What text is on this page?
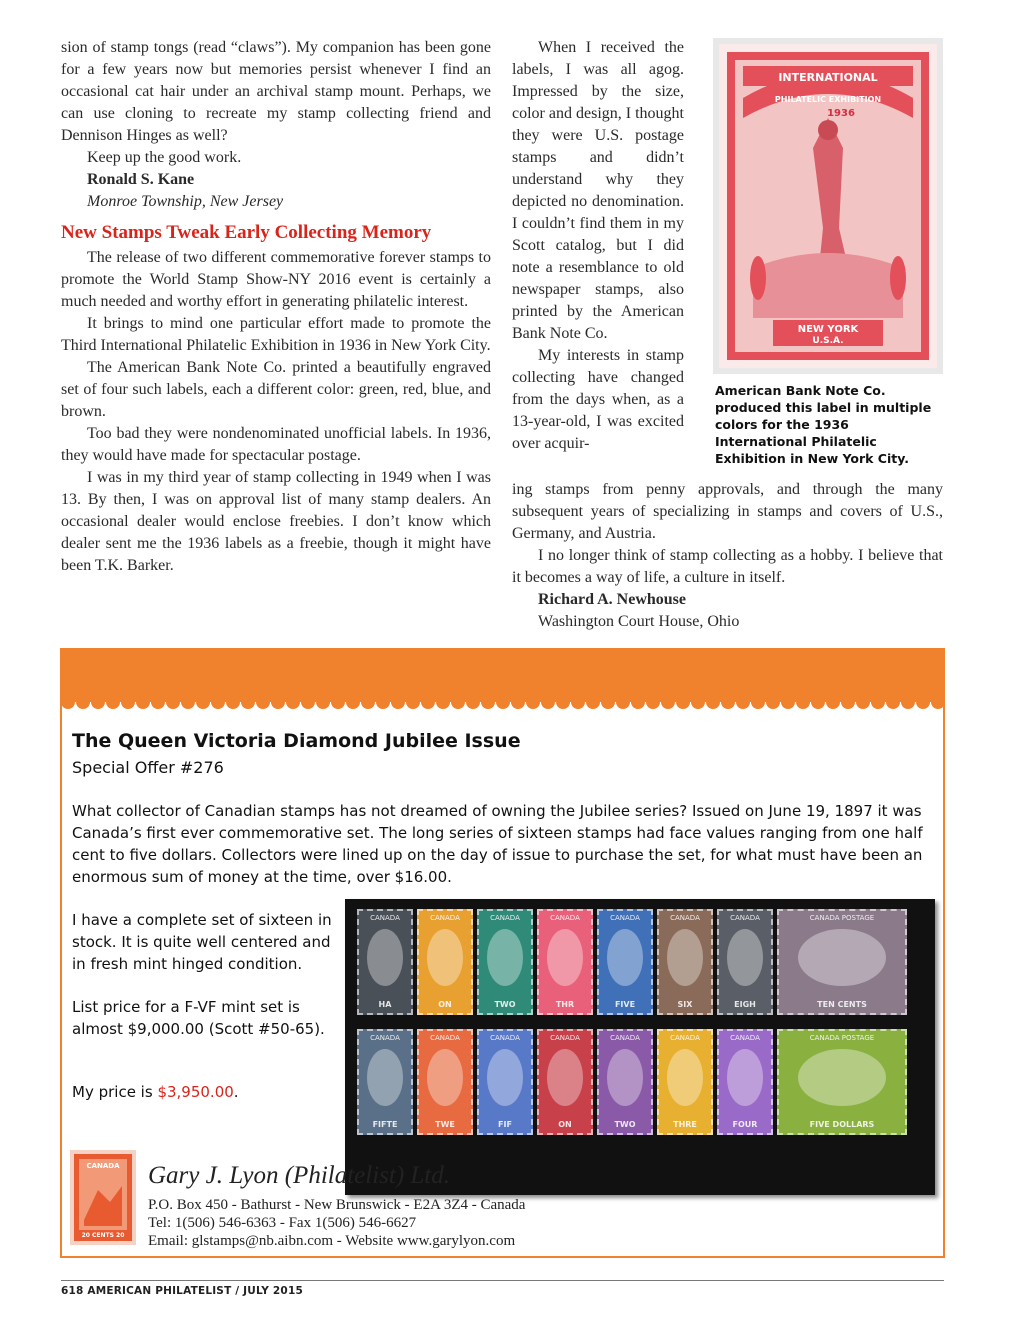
sion of stamp tongs (read “claws”). My companion has been gone for a few years now but memories persist whenever I find an occasional cat hair under an archival stamp mount. Perhaps, we can use cloning to recreate my stamp collecting friend and Dennison Hinges as well?

Keep up the good work.

Ronald S. Kane

Monroe Township, New Jersey

New Stamps Tweak Early Collecting Memory

The release of two different commemorative forever stamps to promote the World Stamp Show-NY 2016 event is certainly a much needed and worthy effort in generating philatelic interest.

It brings to mind one particular effort made to promote the Third International Philatelic Exhibition in 1936 in New York City.

The American Bank Note Co. printed a beautifully engraved set of four such labels, each a different color: green, red, blue, and brown.

Too bad they were nondenominated unofficial labels. In 1936, they would have made for spectacular postage.

I was in my third year of stamp collecting in 1949 when I was 13. By then, I was on approval list of many stamp dealers. An occasional dealer would enclose freebies. I don’t know which dealer sent me the 1936 labels as a freebie, though it might have been T.K. Barker.

When I received the labels, I was all agog. Impressed by the size, color and design, I thought they were U.S. postage stamps and didn’t understand why they depicted no denomination. I couldn’t find them in my Scott catalog, but I did note a resemblance to old newspaper stamps, also printed by the American Bank Note Co.

My interests in stamp collecting have changed from the days when, as a 13-year-old, I was excited over acquir-

INTERNATIONAL
PHILATELIC EXHIBITION
1936
NEW YORK
U.S.A.
American Bank Note Co. produced this label in multiple colors for the 1936 International Philatelic Exhibition in New York City.

ing stamps from penny approvals, and through the many subsequent years of specializing in stamps and covers of U.S., Germany, and Austria.

I no longer think of stamp collecting as a hobby. I believe that it becomes a way of life, a culture in itself.

Richard A. Newhouse

Washington Court House, Ohio

The Queen Victoria Diamond Jubilee Issue
Special Offer #276
What collector of Canadian stamps has not dreamed of owning the Jubilee series? Issued on June 19, 1897 it was Canada’s first ever commemorative set. The long series of sixteen stamps had face values ranging from one half cent to five dollars. Collectors were lined up on the day of issue to purchase the set, for what must have been an enormous sum of money at the time, over $16.00.
I have a complete set of sixteen in stock. It is quite well centered and in fresh mint hinged condition.
List price for a F-VF mint set is almost $9,000.00 (Scott #50-65).
My price is $3,950.00.
CANADA
HA
CANADA
ON
CANADA
TWO
CANADA
THR
CANADA
FIVE
CANADA
SIX
CANADA
EIGH
CANADA POSTAGE
TEN CENTS
CANADA
FIFTE
CANADA
TWE
CANADA
FIF
CANADA
ON
CANADA
TWO
CANADA
THRE
CANADA
FOUR
CANADA POSTAGE
FIVE DOLLARS
CANADA
20 CENTS 20
Gary J. Lyon (Philatelist) Ltd.
P.O. Box 450 - Bathurst - New Brunswick - E2A 3Z4 - Canada
Tel: 1(506) 546-6363 - Fax 1(506) 546-6627
Email: glstamps@nb.aibn.com - Website www.garylyon.com
618 AMERICAN PHILATELIST / JULY 2015
